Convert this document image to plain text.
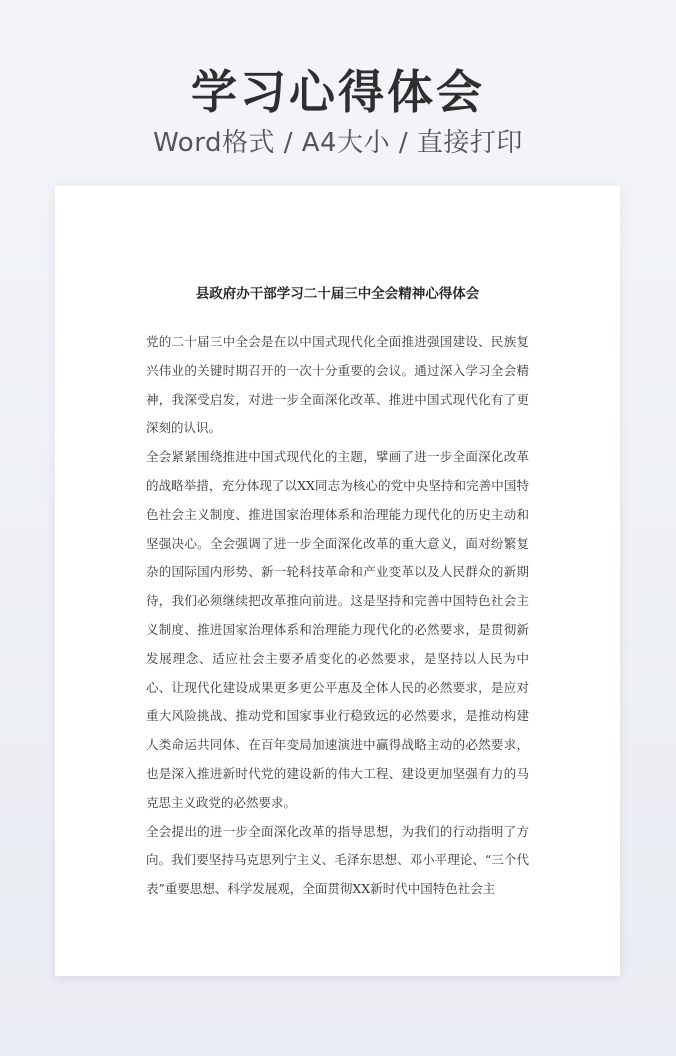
学习心得体会
Word格式 / A4大小 / 直接打印
县政府办干部学习二十届三中全会精神心得体会

党的二十届三中全会是在以中国式现代化全面推进强国建设、民族复兴伟业的关键时期召开的一次十分重要的会议。通过深入学习全会精神，我深受启发，对进一步全面深化改革、推进中国式现代化有了更深刻的认识。

全会紧紧围绕推进中国式现代化的主题，擘画了进一步全面深化改革的战略举措，充分体现了以XX同志为核心的党中央坚持和完善中国特色社会主义制度、推进国家治理体系和治理能力现代化的历史主动和坚强决心。全会强调了进一步全面深化改革的重大意义，面对纷繁复杂的国际国内形势、新一轮科技革命和产业变革以及人民群众的新期待，我们必须继续把改革推向前进。这是坚持和完善中国特色社会主义制度、推进国家治理体系和治理能力现代化的必然要求，是贯彻新发展理念、适应社会主要矛盾变化的必然要求，是坚持以人民为中心、让现代化建设成果更多更公平惠及全体人民的必然要求，是应对重大风险挑战、推动党和国家事业行稳致远的必然要求，是推动构建人类命运共同体、在百年变局加速演进中赢得战略主动的必然要求，也是深入推进新时代党的建设新的伟大工程、建设更加坚强有力的马克思主义政党的必然要求。

全会提出的进一步全面深化改革的指导思想，为我们的行动指明了方向。我们要坚持马克思列宁主义、毛泽东思想、邓小平理论、“三个代表”重要思想、科学发展观，全面贯彻XX新时代中国特色社会主
